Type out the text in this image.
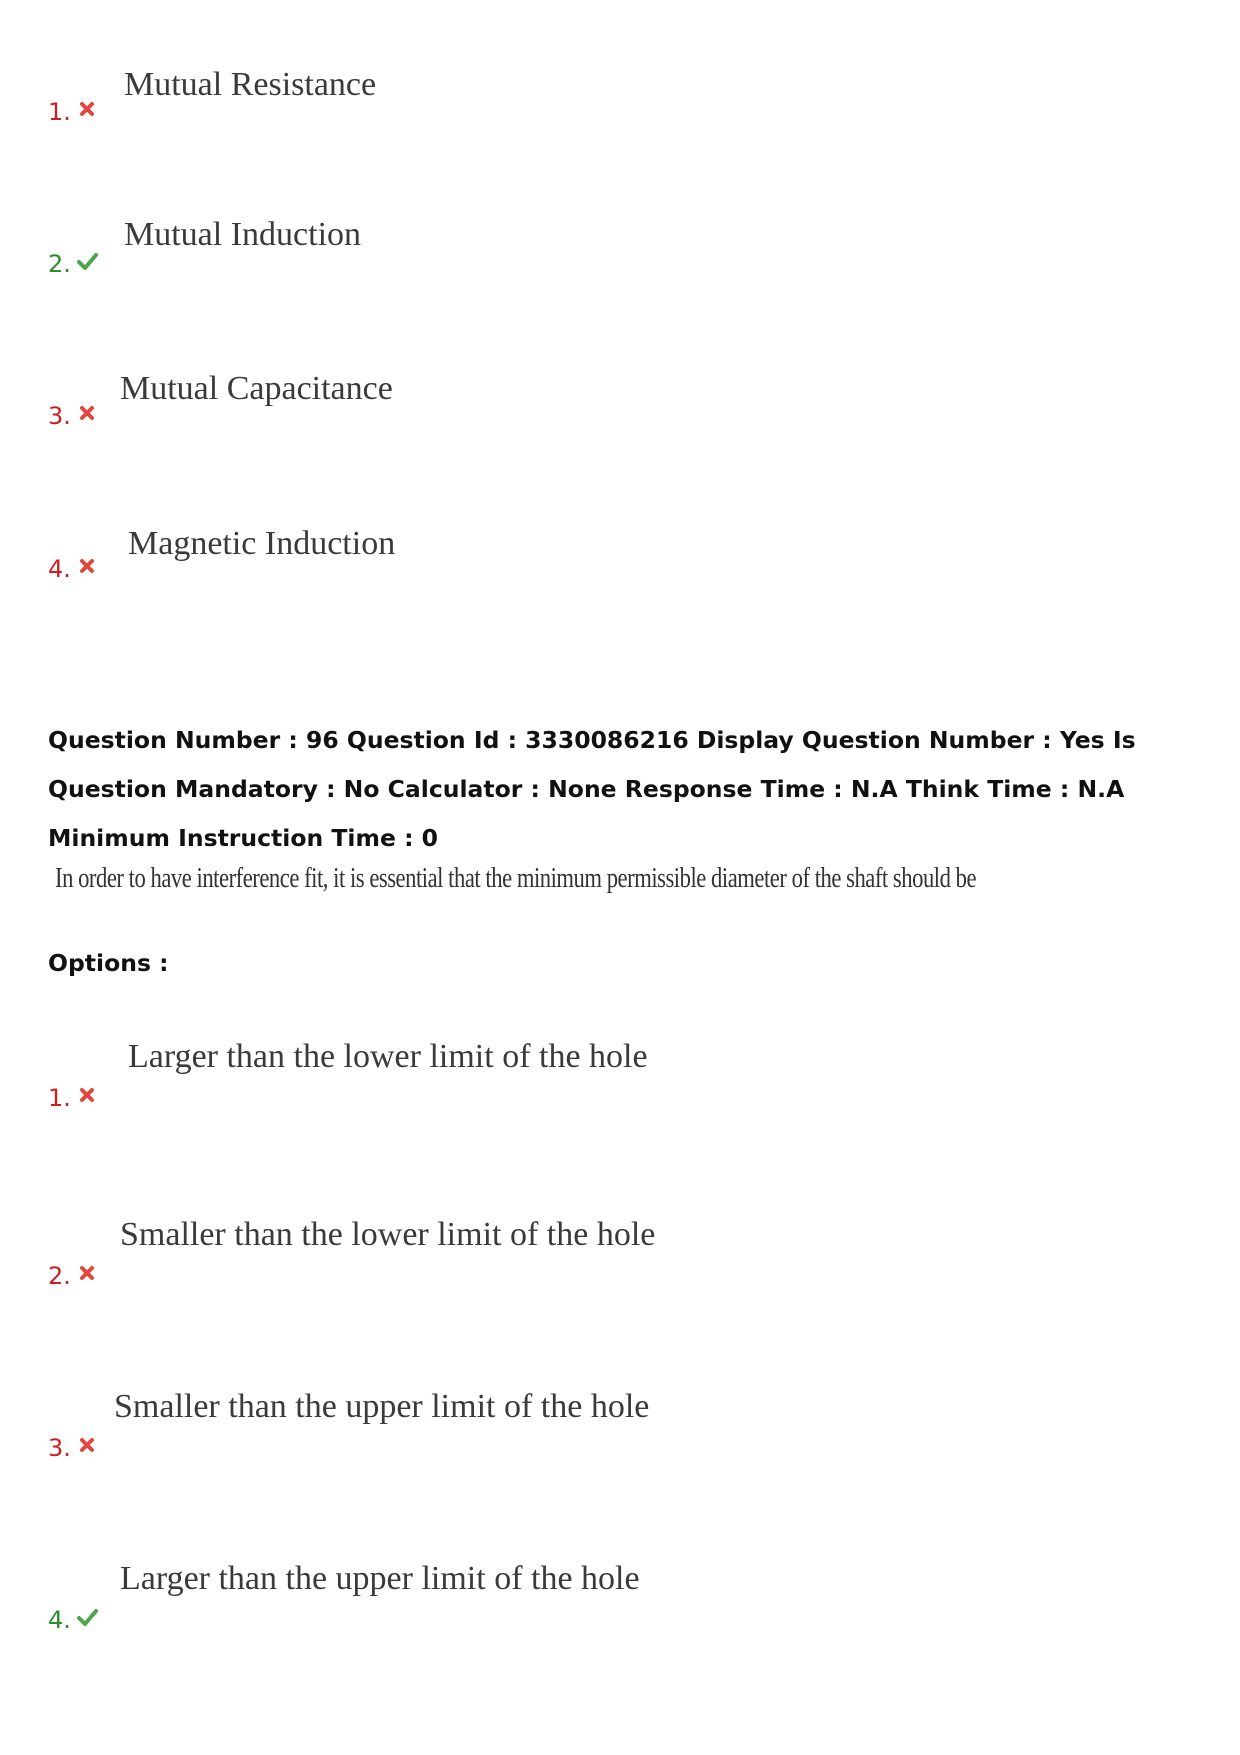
1.
Mutual Resistance
2.
Mutual Induction
3.
Mutual Capacitance
4.
Magnetic Induction
Question Number : 96 Question Id : 3330086216 Display Question Number : Yes Is Question Mandatory : No Calculator : None Response Time : N.A Think Time : N.A Minimum Instruction Time : 0
In order to have interference fit, it is essential that the minimum permissible diameter of the shaft should be
Options :
1.
Larger than the lower limit of the hole
2.
Smaller than the lower limit of the hole
3.
Smaller than the upper limit of the hole
4.
Larger than the upper limit of the hole
